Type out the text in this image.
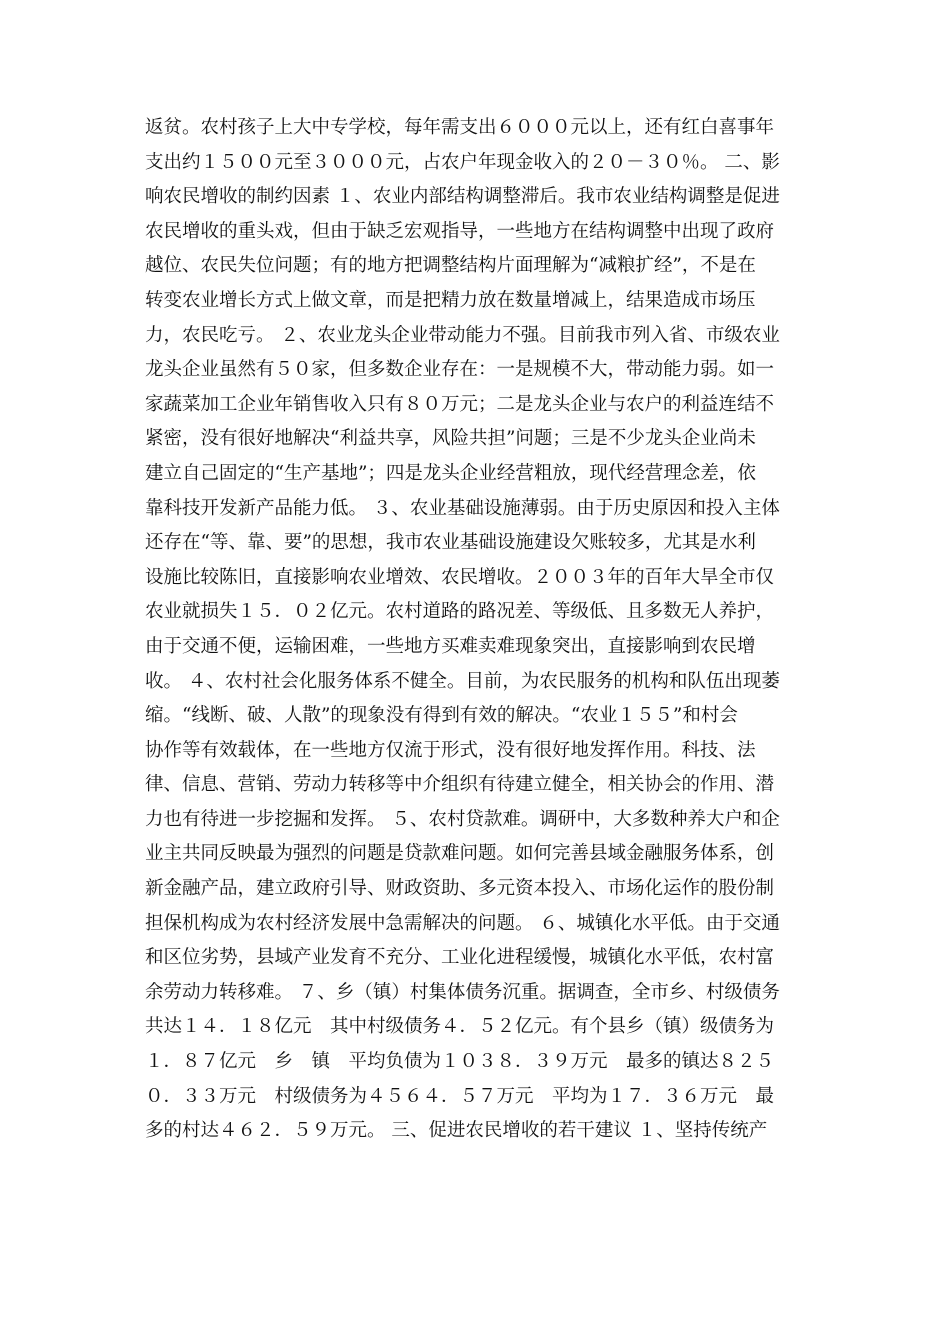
返贫。农村孩子上大中专学校，每年需支出６０００元以上，还有红白喜事年
支出约１５００元至３０００元，占农户年现金收入的２０－３０％。 二、影
响农民增收的制约因素 １、农业内部结构调整滞后。我市农业结构调整是促进
农民增收的重头戏，但由于缺乏宏观指导，一些地方在结构调整中出现了政府
越位、农民失位问题；有的地方把调整结构片面理解为“减粮扩经”，不是在
转变农业增长方式上做文章，而是把精力放在数量增减上，结果造成市场压
力，农民吃亏。 ２、农业龙头企业带动能力不强。目前我市列入省、市级农业
龙头企业虽然有５０家，但多数企业存在：一是规模不大，带动能力弱。如一
家蔬菜加工企业年销售收入只有８０万元；二是龙头企业与农户的利益连结不
紧密，没有很好地解决“利益共享，风险共担”问题；三是不少龙头企业尚未
建立自己固定的“生产基地”；四是龙头企业经营粗放，现代经营理念差，依
靠科技开发新产品能力低。 ３、农业基础设施薄弱。由于历史原因和投入主体
还存在“等、靠、要”的思想，我市农业基础设施建设欠账较多，尤其是水利
设施比较陈旧，直接影响农业增效、农民增收。２００３年的百年大旱全市仅
农业就损失１５．０２亿元。农村道路的路况差、等级低、且多数无人养护，
由于交通不便，运输困难，一些地方买难卖难现象突出，直接影响到农民增
收。 ４、农村社会化服务体系不健全。目前，为农民服务的机构和队伍出现萎
缩。“线断、破、人散”的现象没有得到有效的解决。“农业１５５”和村会
协作等有效载体，在一些地方仅流于形式，没有很好地发挥作用。科技、法
律、信息、营销、劳动力转移等中介组织有待建立健全，相关协会的作用、潜
力也有待进一步挖掘和发挥。 ５、农村贷款难。调研中，大多数种养大户和企
业主共同反映最为强烈的问题是贷款难问题。如何完善县域金融服务体系，创
新金融产品，建立政府引导、财政资助、多元资本投入、市场化运作的股份制
担保机构成为农村经济发展中急需解决的问题。 ６、城镇化水平低。由于交通
和区位劣势，县域产业发育不充分、工业化进程缓慢，城镇化水平低，农村富
余劳动力转移难。 ７、乡（镇）村集体债务沉重。据调查，全市乡、村级债务
共达１４．１８亿元　其中村级债务４．５２亿元。有个县乡（镇）级债务为
１．８７亿元　乡　镇　平均负债为１０３８．３９万元　最多的镇达８２５
０．３３万元　村级债务为４５６４．５７万元　平均为１７．３６万元　最
多的村达４６２．５９万元。 三、促进农民增收的若干建议 １、坚持传统产
